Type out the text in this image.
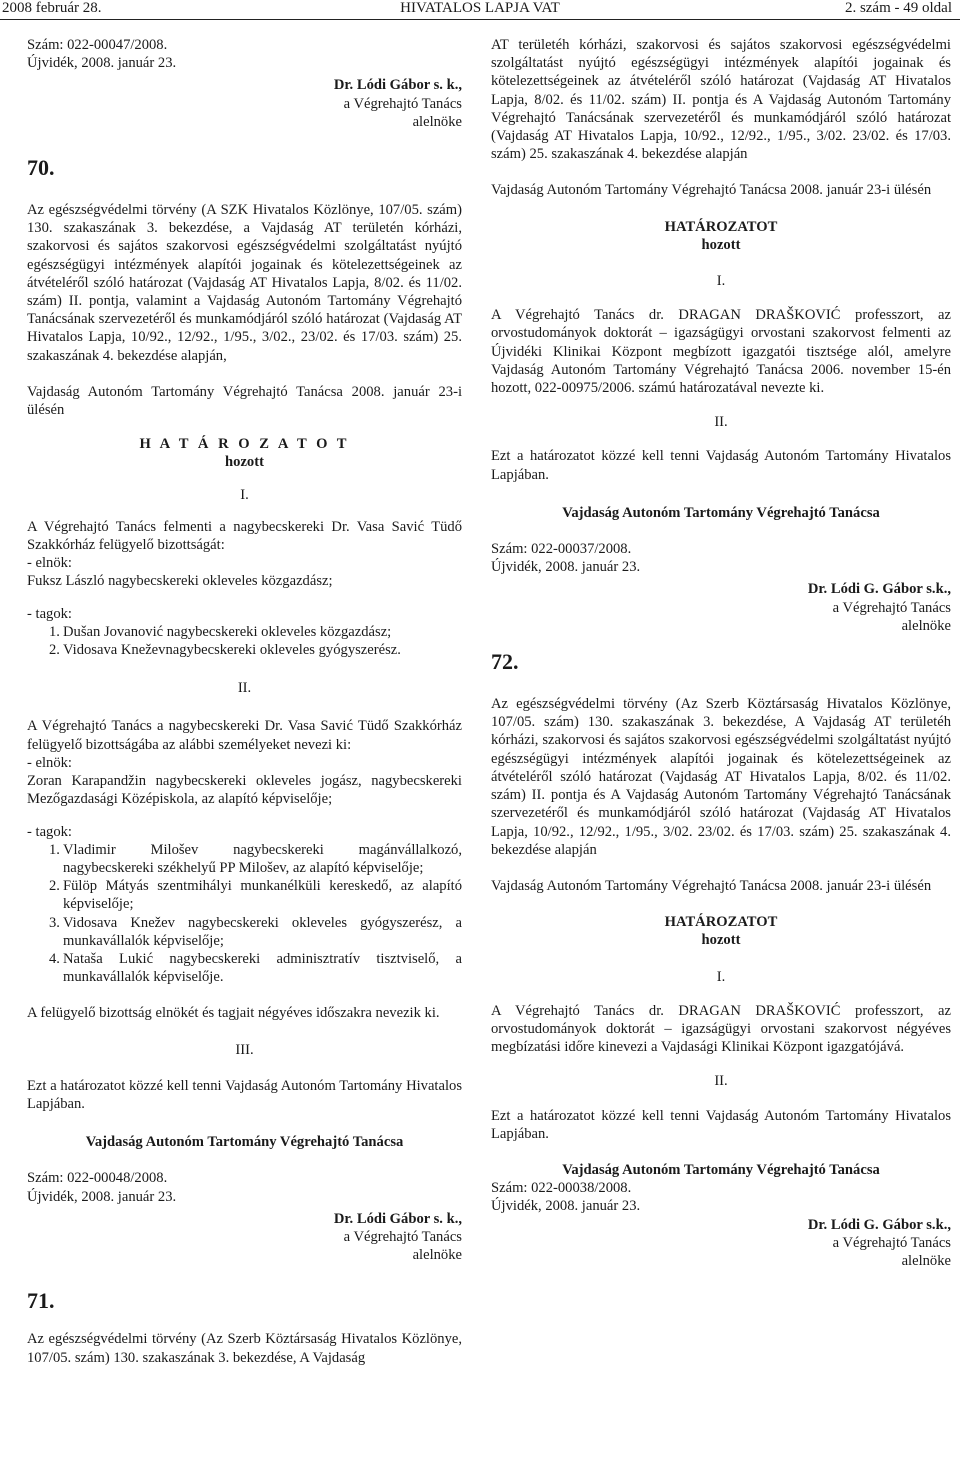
HIVATALOS LAPJA VAT
2008 február 28.	2. szám - 49 oldal

Szám: 022-00047/2008.

Újvidék, 2008. január 23.

Dr. Lódi Gábor s. k.,

a Végrehajtó Tanács

alelnöke

70.

Az egészségvédelmi törvény (A SZK Hivatalos Közlönye, 107/05. szám) 130. szakaszának 3. bekezdése, a Vajdaság AT területén kórházi, szakorvosi és sajátos szakorvosi egészségvédelmi szolgáltatást nyújtó egészségügyi intézmények alapítói jogainak és kötelezettségeinek az átvételéről szóló határozat (Vajdaság AT Hivatalos Lapja, 8/02. és 11/02. szám) II. pontja, valamint a Vajdaság Autonóm Tartomány Végrehajtó Tanácsának szervezetéről és munkamódjáról szóló határozat (Vajdaság AT Hivatalos Lapja, 10/92., 12/92., 1/95., 3/02., 23/02. és 17/03. szám) 25. szakaszának 4. bekezdése alapján,

Vajdaság Autonóm Tartomány Végrehajtó Tanácsa 2008. január 23-i ülésén

H A T Á R O Z A T O T

hozott

I.

A Végrehajtó Tanács felmenti a nagybecskereki Dr. Vasa Savić Tüdő Szakkórház felügyelő bizottságát:

- elnök:

Fuksz László nagybecskereki okleveles közgazdász;

- tagok:

1. Dušan Jovanović nagybecskereki okleveles közgazdász;
2. Vidosava Kneževnagybecskereki okleveles gyógyszerész.

II.

A Végrehajtó Tanács a nagybecskereki Dr. Vasa Savić Tüdő Szakkórház felügyelő bizottságába az alábbi személyeket nevezi ki:

- elnök:

Zoran Karapandžin nagybecskereki okleveles jogász, nagybecskereki Mezőgazdasági Középiskola, az alapító képviselője;

- tagok:

1. Vladimir Milošev nagybecskereki magánvállalkozó, nagybecskereki székhelyű PP Milošev, az alapító képviselője;
2. Fülöp Mátyás szentmihályi munkanélküli kereskedő, az alapító képviselője;
3. Vidosava Knežev nagybecskereki okleveles gyógyszerész, a munkavállalók képviselője;
4. Nataša Lukić nagybecskereki adminisztratív tisztviselő, a munkavállalók képviselője.

A felügyelő bizottság elnökét és tagjait négyéves időszakra nevezik ki.

III.

Ezt a határozatot közzé kell tenni Vajdaság Autonóm Tartomány Hivatalos Lapjában.

Vajdaság Autonóm Tartomány Végrehajtó Tanácsa

Szám: 022-00048/2008.

Újvidék, 2008. január 23.

Dr. Lódi Gábor s. k.,

a Végrehajtó Tanács

alelnöke

71.

Az egészségvédelmi törvény (Az Szerb Köztársaság Hivatalos Közlönye, 107/05. szám) 130. szakaszának 3. bekezdése, A Vajdaság

AT területéh kórházi, szakorvosi és sajátos szakorvosi egészségvédelmi szolgáltatást nyújtó egészségügyi intézmények alapítói jogainak és kötelezettségeinek az átvételéről szóló határozat (Vajdaság AT Hivatalos Lapja, 8/02. és 11/02. szám) II. pontja és A Vajdaság Autonóm Tartomány Végrehajtó Tanácsának szervezetéről és munkamódjáról szóló határozat (Vajdaság AT Hivatalos Lapja, 10/92., 12/92., 1/95., 3/02. 23/02. és 17/03. szám) 25. szakaszának 4. bekezdése alapján

Vajdaság Autonóm Tartomány Végrehajtó Tanácsa 2008. január 23-i ülésén

HATÁROZATOT

hozott

I.

A Végrehajtó Tanács dr. DRAGAN DRAŠKOVIĆ professzort, az orvostudományok doktorát – igazságügyi orvostani szakorvost felmenti az Újvidéki Klinikai Központ megbízott igazgatói tisztsége alól, amelyre Vajdaság Autonóm Tartomány Végrehajtó Tanácsa 2006. november 15-én hozott, 022-00975/2006. számú határozatával nevezte ki.

II.

Ezt a határozatot közzé kell tenni Vajdaság Autonóm Tartomány Hivatalos Lapjában.

Vajdaság Autonóm Tartomány Végrehajtó Tanácsa

Szám: 022-00037/2008.

Újvidék, 2008. január 23.

Dr. Lódi G. Gábor s.k.,

a Végrehajtó Tanács

alelnöke

72.

Az egészségvédelmi törvény (Az Szerb Köztársaság Hivatalos Közlönye, 107/05. szám) 130. szakaszának 3. bekezdése, A Vajdaság AT területéh kórházi, szakorvosi és sajátos szakorvosi egészségvédelmi szolgáltatást nyújtó egészségügyi intézmények alapítói jogainak és kötelezettségeinek az átvételéről szóló határozat (Vajdaság AT Hivatalos Lapja, 8/02. és 11/02. szám) II. pontja és A Vajdaság Autonóm Tartomány Végrehajtó Tanácsának szervezetéről és munkamódjáról szóló határozat (Vajdaság AT Hivatalos Lapja, 10/92., 12/92., 1/95., 3/02. 23/02. és 17/03. szám) 25. szakaszának 4. bekezdése alapján

Vajdaság Autonóm Tartomány Végrehajtó Tanácsa 2008. január 23-i ülésén

HATÁROZATOT

hozott

I.

A Végrehajtó Tanács dr. DRAGAN DRAŠKOVIĆ professzort, az orvostudományok doktorát – igazságügyi orvostani szakorvost négyéves megbízatási időre kinevezi a Vajdasági Klinikai Központ igazgatójává.

II.

Ezt a határozatot közzé kell tenni Vajdaság Autonóm Tartomány Hivatalos Lapjában.

Vajdaság Autonóm Tartomány Végrehajtó Tanácsa

Szám: 022-00038/2008.

Újvidék, 2008. január 23.

Dr. Lódi G. Gábor s.k.,

a Végrehajtó Tanács

alelnöke
